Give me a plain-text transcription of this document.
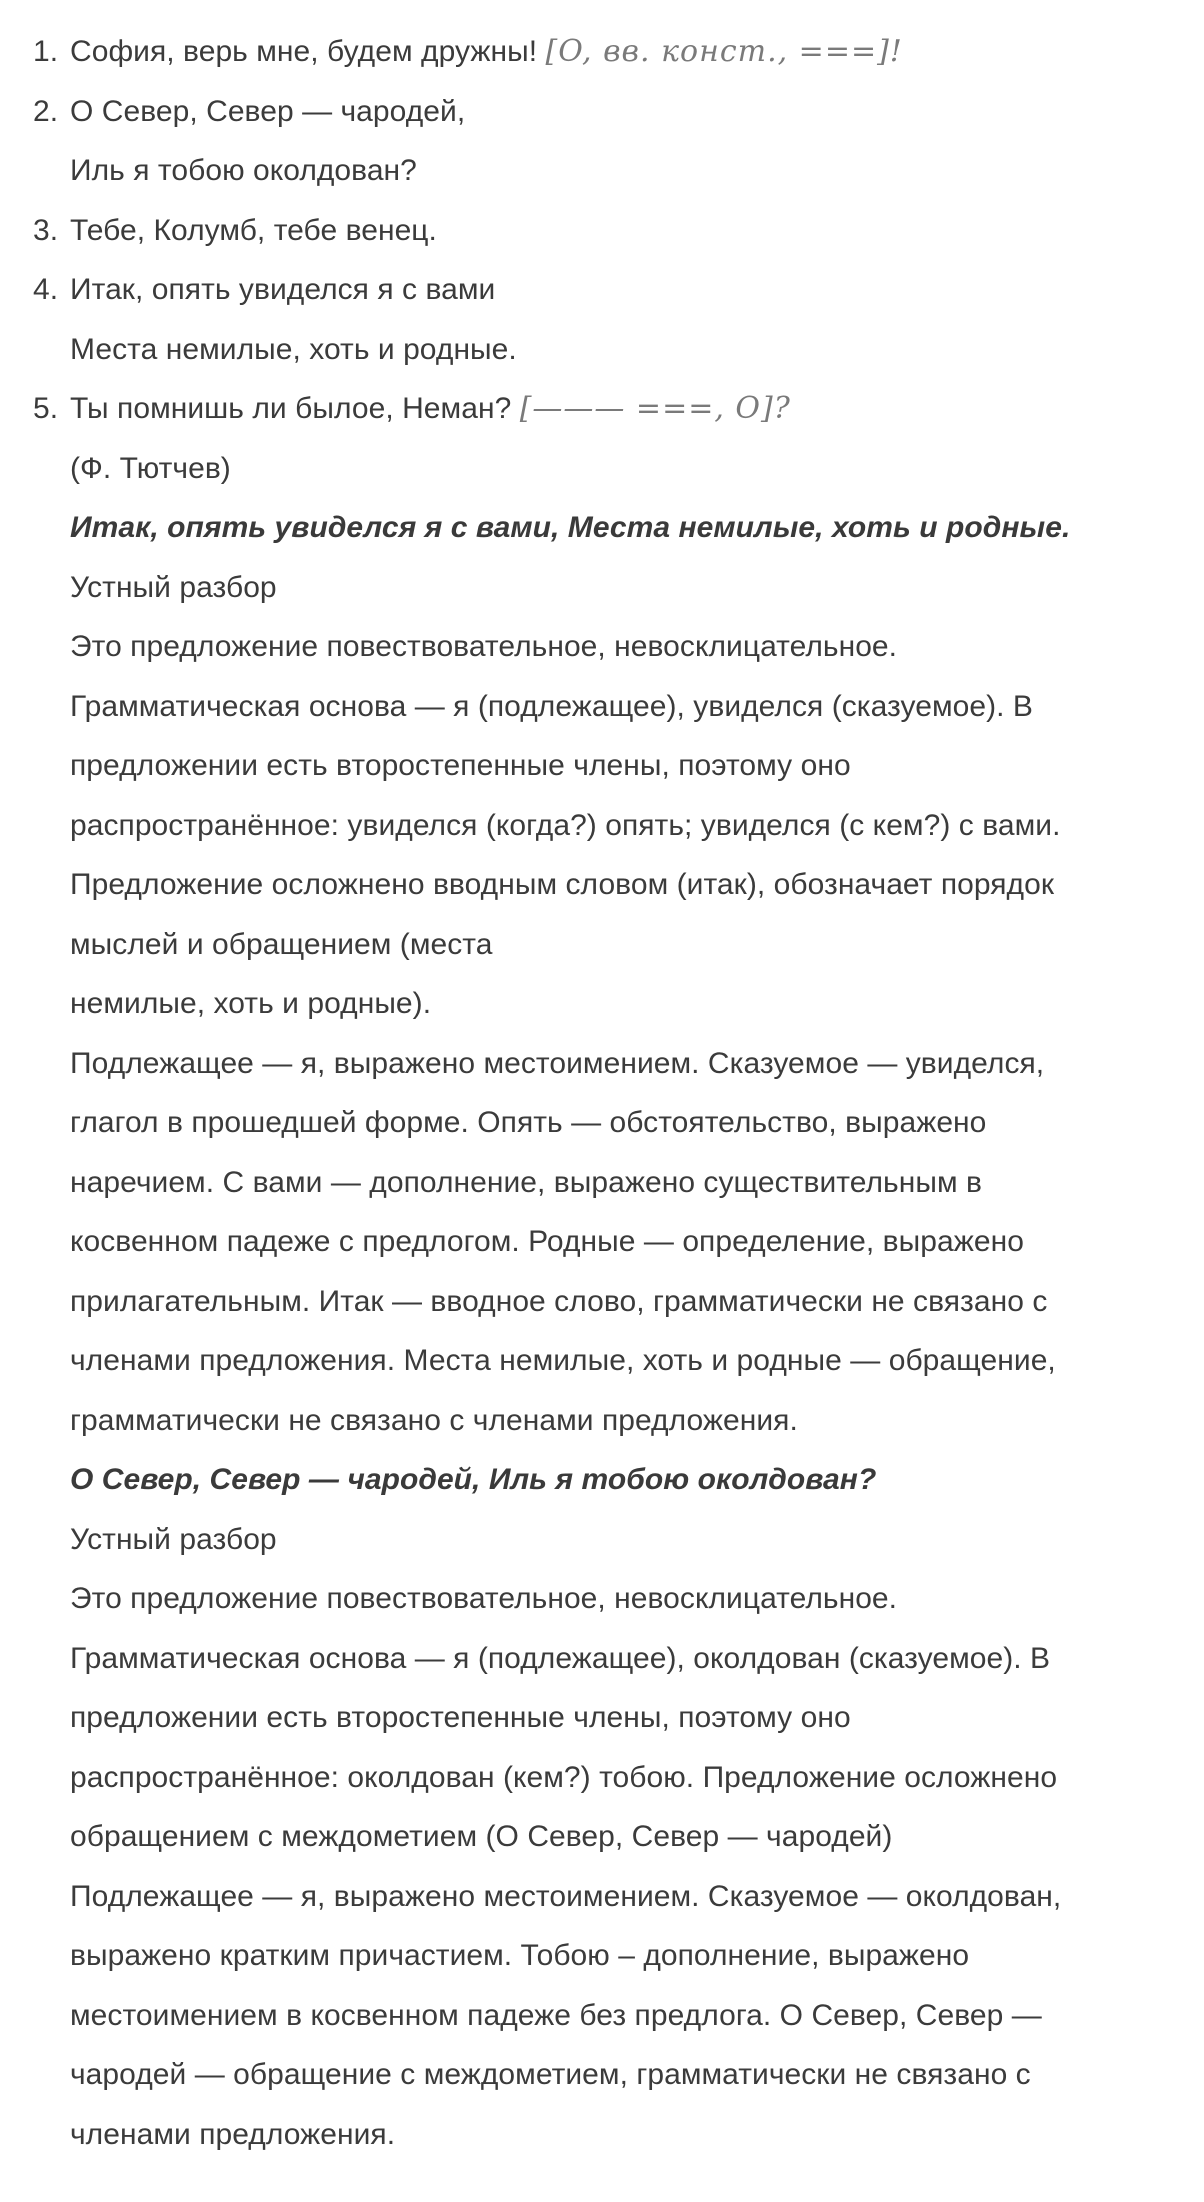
1. София, верь мне, будем дружны! [O, вв. конст., ===]!
2. О Север, Север — чародей,
Иль я тобою околдован?
3. Тебе, Колумб, тебе венец.
4. Итак, опять увиделся я с вами
Места немилые, хоть и родные.
5. Ты помнишь ли былое, Неман? [——— ===, O]?
(Ф. Тютчев)
Итак, опять увиделся я с вами, Места немилые, хоть и родные.
Устный разбор
Это предложение повествовательное, невосклицательное.
Грамматическая основа — я (подлежащее), увиделся (сказуемое). В
предложении есть второстепенные члены, поэтому оно
распространённое: увиделся (когда?) опять; увиделся (с кем?) с вами.
Предложение осложнено вводным словом (итак), обозначает порядок
мыслей и обращением (места
немилые, хоть и родные).
Подлежащее — я, выражено местоимением. Сказуемое — увиделся,
глагол в прошедшей форме. Опять — обстоятельство, выражено
наречием. С вами — дополнение, выражено существительным в
косвенном падеже с предлогом. Родные — определение, выражено
прилагательным. Итак — вводное слово, грамматически не связано с
членами предложения. Места немилые, хоть и родные — обращение,
грамматически не связано с членами предложения.
О Север, Север — чародей, Иль я тобою околдован?
Устный разбор
Это предложение повествовательное, невосклицательное.
Грамматическая основа — я (подлежащее), околдован (сказуемое). В
предложении есть второстепенные члены, поэтому оно
распространённое: околдован (кем?) тобою. Предложение осложнено
обращением с междометием (О Север, Север — чародей)
Подлежащее — я, выражено местоимением. Сказуемое — околдован,
выражено кратким причастием. Тобою – дополнение, выражено
местоимением в косвенном падеже без предлога. О Север, Север —
чародей — обращение с междометием, грамматически не связано с
членами предложения.
